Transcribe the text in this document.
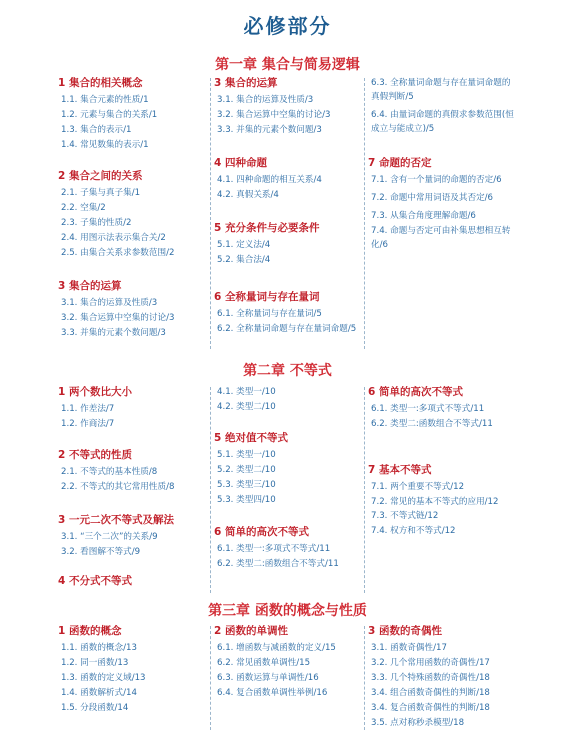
必修部分
第一章 集合与简易逻辑

1 集合的相关概念

1.1. 集合元素的性质/1
1.2. 元素与集合的关系/1
1.3. 集合的表示/1
1.4. 常见数集的表示/1

2 集合之间的关系

2.1. 子集与真子集/1
2.2. 空集/2
2.3. 子集的性质/2
2.4. 用图示法表示集合关/2
2.5. 由集合关系求参数范围/2

3 集合的运算

3.1. 集合的运算及性质/3
3.2. 集合运算中空集的讨论/3
3.3. 并集的元素个数问题/3

3 集合的运算

3.1. 集合的运算及性质/3
3.2. 集合运算中空集的讨论/3
3.3. 并集的元素个数问题/3

4 四种命题

4.1. 四种命题的相互关系/4
4.2. 真假关系/4

5 充分条件与必要条件

5.1. 定义法/4
5.2. 集合法/4

6 全称量词与存在量词

6.1. 全称量词与存在量词/5
6.2. 全称量词命题与存在量词命题/5
6.3. 全称量词命题与存在量词命题的真假判断/5
6.4. 由量词命题的真假求参数范围(恒成立与能成立)/5

7 命题的否定

7.1. 含有一个量词的命题的否定/6
7.2. 命题中常用词语及其否定/6
7.3. 从集合角度理解命题/6
7.4. 命题与否定可由补集思想相互转化/6
第二章 不等式

1 两个数比大小

1.1. 作差法/7
1.2. 作商法/7

2 不等式的性质

2.1. 不等式的基本性质/8
2.2. 不等式的其它常用性质/8

3 一元二次不等式及解法

3.1. “三个二次”的关系/9
3.2. 看图解不等式/9

4 不分式不等式

4.1. 类型一/10
4.2. 类型二/10

5 绝对值不等式

5.1. 类型一/10
5.2. 类型二/10
5.3. 类型三/10
5.3. 类型四/10

6 简单的高次不等式

6.1. 类型一:多项式不等式/11
6.2. 类型二:函数组合不等式/11

6 简单的高次不等式

6.1. 类型一:多项式不等式/11
6.2. 类型二:函数组合不等式/11

7 基本不等式

7.1. 两个重要不等式/12
7.2. 常见的基本不等式的应用/12
7.3. 不等式链/12
7.4. 权方和不等式/12
第三章 函数的概念与性质

1 函数的概念

1.1. 函数的概念/13
1.2. 同一函数/13
1.3. 函数的定义域/13
1.4. 函数解析式/14
1.5. 分段函数/14

2 函数的单调性

6.1. 增函数与减函数的定义/15
6.2. 常见函数单调性/15
6.3. 函数运算与单调性/16
6.4. 复合函数单调性举例/16

3 函数的奇偶性

3.1. 函数奇偶性/17
3.2. 几个常用函数的奇偶性/17
3.3. 几个特殊函数的奇偶性/18
3.4. 组合函数奇偶性的判断/18
3.4. 复合函数奇偶性的判断/18
3.5. 点对称秒杀模型/18
